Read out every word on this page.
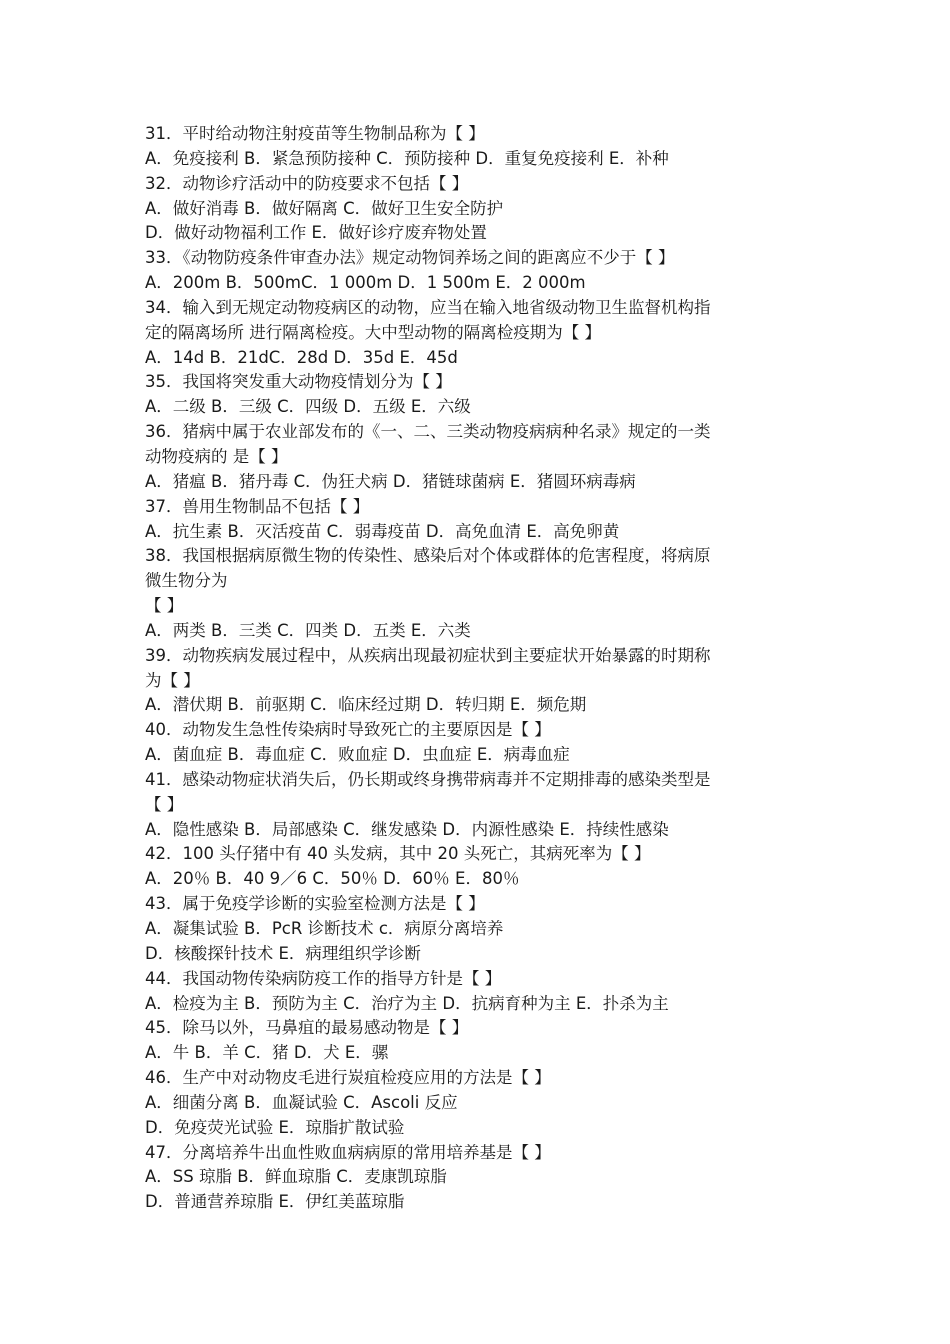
31．平时给动物注射疫苗等生物制品称为【 】
A．免疫接利 B．紧急预防接种 C．预防接种 D．重复免疫接利 E．补种
32．动物诊疗活动中的防疫要求不包括【 】
A．做好消毒 B．做好隔离 C．做好卫生安全防护
D．做好动物福利工作 E．做好诊疗废弃物处置
33．《动物防疫条件审查办法》规定动物饲养场之间的距离应不少于【 】
A．200m B．500mC．1 000m D．1 500m E．2 000m
34．输入到无规定动物疫病区的动物，应当在输入地省级动物卫生监督机构指
定的隔离场所 进行隔离检疫。大中型动物的隔离检疫期为【 】
A．14d B．21dC．28d D．35d E．45d
35．我国将突发重大动物疫情划分为【 】
A．二级 B．三级 C．四级 D．五级 E．六级
36．猪病中属于农业部发布的《一、二、三类动物疫病病种名录》规定的一类
动物疫病的 是【 】
A．猪瘟 B．猪丹毒 C．伪狂犬病 D．猪链球菌病 E．猪圆环病毒病
37．兽用生物制品不包括【 】
A．抗生素 B．灭活疫苗 C．弱毒疫苗 D．高免血清 E．高免卵黄
38．我国根据病原微生物的传染性、感染后对个体或群体的危害程度，将病原
微生物分为
【 】
A．两类 B．三类 C．四类 D．五类 E．六类
39．动物疾病发展过程中，从疾病出现最初症状到主要症状开始暴露的时期称
为【 】
A．潜伏期 B．前驱期 C．临床经过期 D．转归期 E．频危期
40．动物发生急性传染病时导致死亡的主要原因是【 】
A．菌血症 B．毒血症 C．败血症 D．虫血症 E．病毒血症
41．感染动物症状消失后，仍长期或终身携带病毒并不定期排毒的感染类型是
【 】
A．隐性感染 B．局部感染 C．继发感染 D．内源性感染 E．持续性感染
42．100 头仔猪中有 40 头发病，其中 20 头死亡，其病死率为【 】
A．20％ B．40 9／6 C．50％ D．60％ E．80％
43．属于免疫学诊断的实验室检测方法是【 】
A．凝集试验 B．PcR 诊断技术 c．病原分离培养
D．核酸探针技术 E．病理组织学诊断
44．我国动物传染病防疫工作的指导方针是【 】
A．检疫为主 B．预防为主 C．治疗为主 D．抗病育种为主 E．扑杀为主
45．除马以外，马鼻疽的最易感动物是【 】
A．牛 B．羊 C．猪 D．犬 E．骡
46．生产中对动物皮毛进行炭疽检疫应用的方法是【 】
A．细菌分离 B．血凝试验 C．Ascoli 反应
D．免疫荧光试验 E．琼脂扩散试验
47．分离培养牛出血性败血病病原的常用培养基是【 】
A．SS 琼脂 B．鲜血琼脂 C．麦康凯琼脂
D．普通营养琼脂 E．伊红美蓝琼脂
